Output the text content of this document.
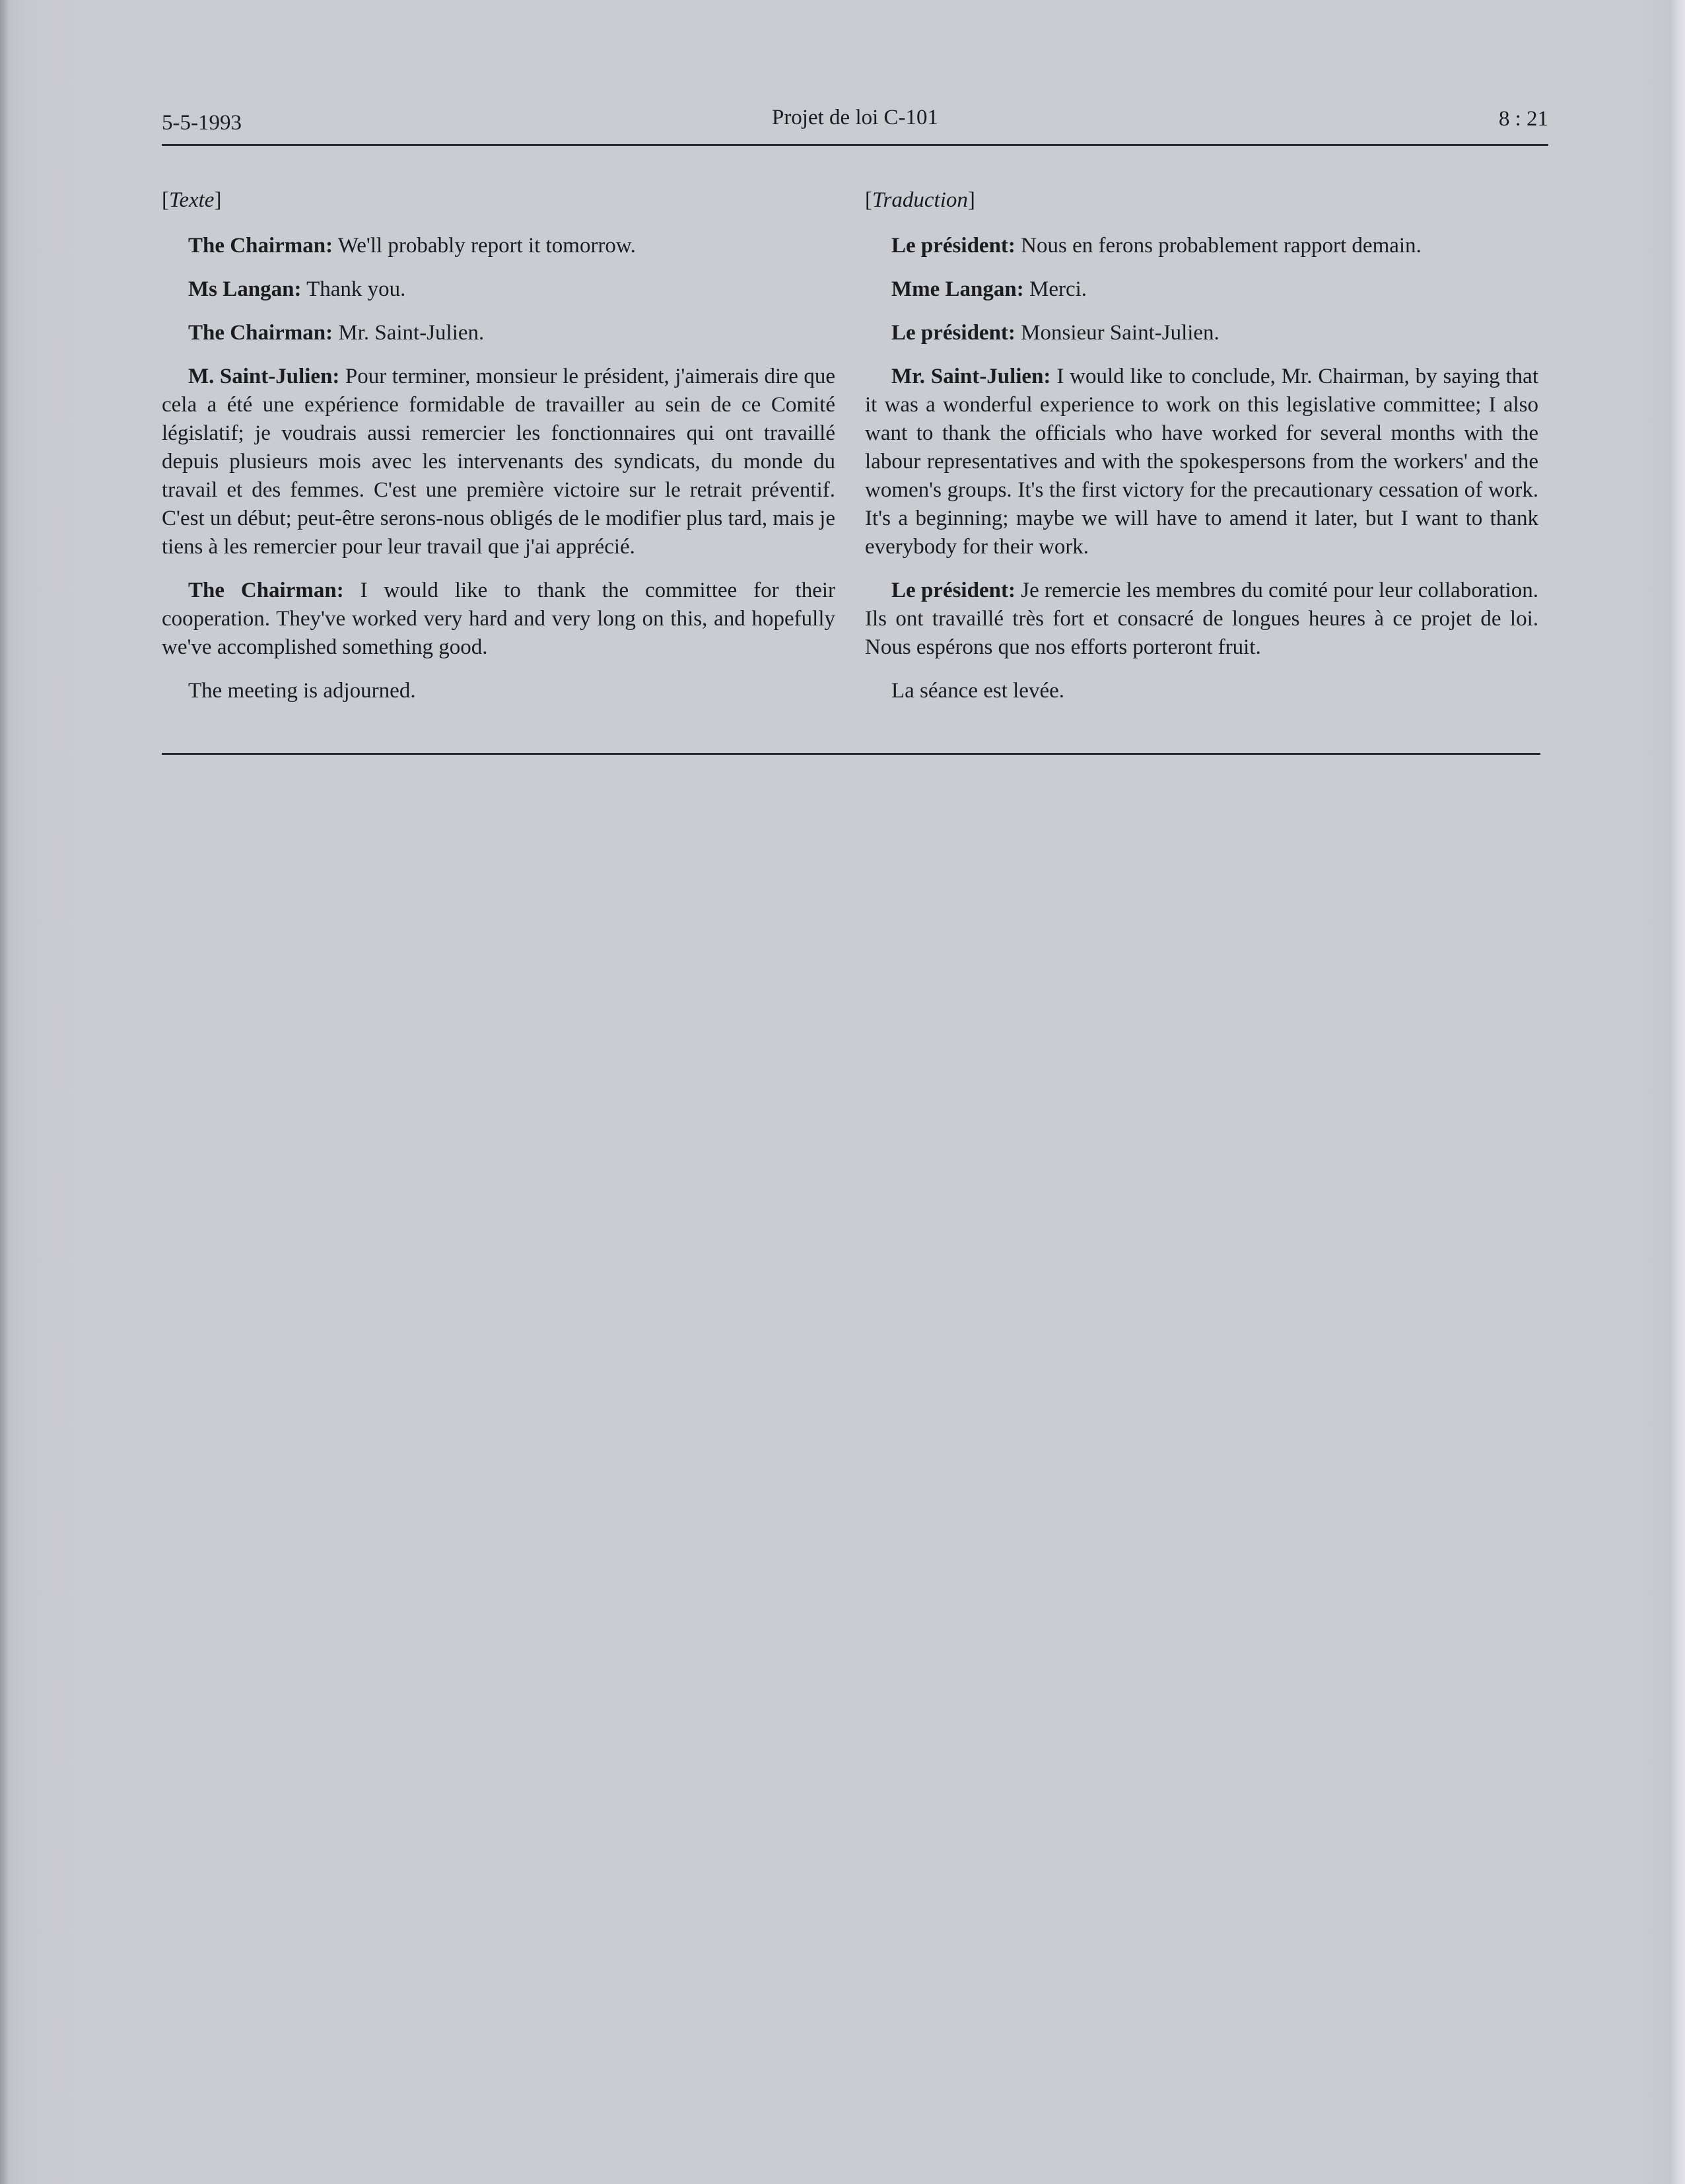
5-5-1993	Projet de loi C-101	8 : 21

[Texte]

The Chairman: We'll probably report it tomorrow.

Ms Langan: Thank you.

The Chairman: Mr. Saint-Julien.

M. Saint-Julien: Pour terminer, monsieur le président, j'aimerais dire que cela a été une expérience formidable de travailler au sein de ce Comité législatif; je voudrais aussi remercier les fonctionnaires qui ont travaillé depuis plusieurs mois avec les intervenants des syndicats, du monde du travail et des femmes. C'est une première victoire sur le retrait préventif. C'est un début; peut-être serons-nous obligés de le modifier plus tard, mais je tiens à les remercier pour leur travail que j'ai apprécié.

The Chairman: I would like to thank the committee for their cooperation. They've worked very hard and very long on this, and hopefully we've accomplished something good.

The meeting is adjourned.

[Traduction]

Le président: Nous en ferons probablement rapport demain.

Mme Langan: Merci.

Le président: Monsieur Saint-Julien.

Mr. Saint-Julien: I would like to conclude, Mr. Chairman, by saying that it was a wonderful experience to work on this legislative committee; I also want to thank the officials who have worked for several months with the labour representatives and with the spokespersons from the workers' and the women's groups. It's the first victory for the precautionary cessation of work. It's a beginning; maybe we will have to amend it later, but I want to thank everybody for their work.

Le président: Je remercie les membres du comité pour leur collaboration. Ils ont travaillé très fort et consacré de longues heures à ce projet de loi. Nous espérons que nos efforts porteront fruit.

La séance est levée.
